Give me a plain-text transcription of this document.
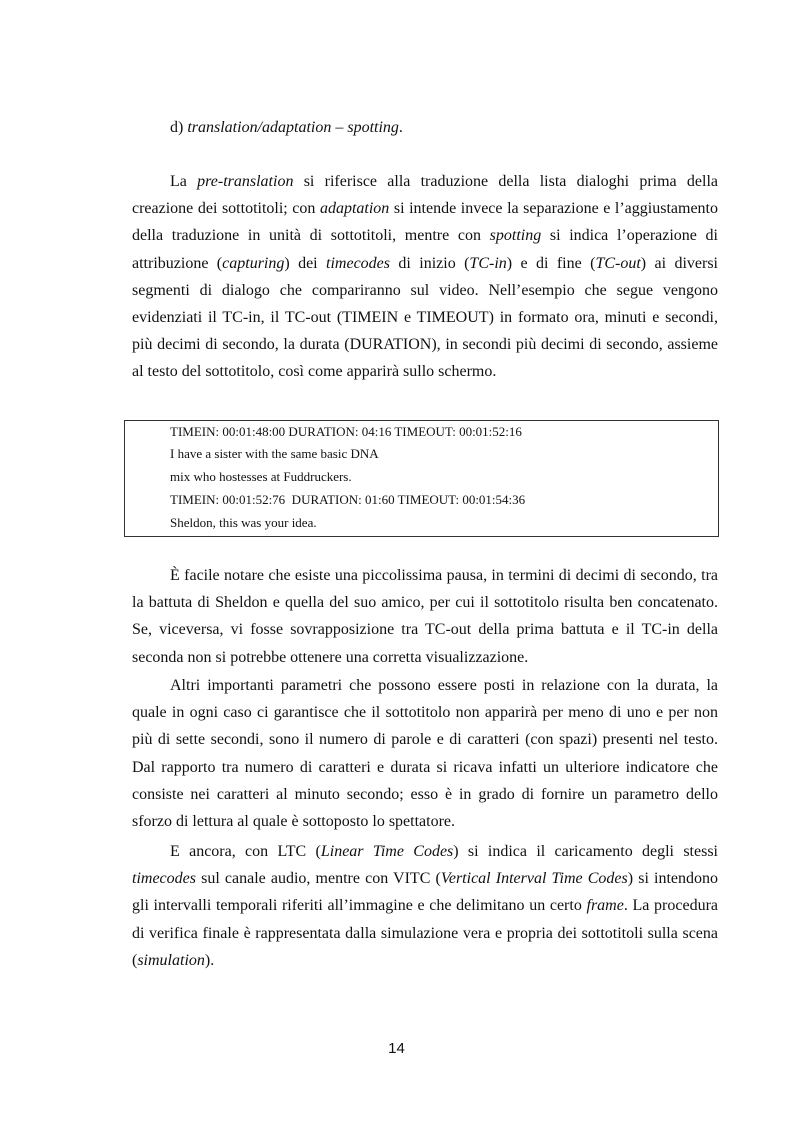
d) translation/adaptation – spotting.

La pre-translation si riferisce alla traduzione della lista dialoghi prima della creazione dei sottotitoli; con adaptation si intende invece la separazione e l’aggiustamento della traduzione in unità di sottotitoli, mentre con spotting si indica l’operazione di attribuzione (capturing) dei timecodes di inizio (TC-in) e di fine (TC-out) ai diversi segmenti di dialogo che compariranno sul video. Nell’esempio che segue vengono evidenziati il TC-in, il TC-out (TIMEIN e TIMEOUT) in formato ora, minuti e secondi, più decimi di secondo, la durata (DURATION), in secondi più decimi di secondo, assieme al testo del sottotitolo, così come apparirà sullo schermo.

TIMEIN: 00:01:48:00 DURATION: 04:16 TIMEOUT: 00:01:52:16

I have a sister with the same basic DNA

mix who hostesses at Fuddruckers.

TIMEIN: 00:01:52:76  DURATION: 01:60 TIMEOUT: 00:01:54:36

Sheldon, this was your idea.

È facile notare che esiste una piccolissima pausa, in termini di decimi di secondo, tra la battuta di Sheldon e quella del suo amico, per cui il sottotitolo risulta ben concatenato. Se, viceversa, vi fosse sovrapposizione tra TC-out della prima battuta e il TC-in della seconda non si potrebbe ottenere una corretta visualizzazione.

Altri importanti parametri che possono essere posti in relazione con la durata, la quale in ogni caso ci garantisce che il sottotitolo non apparirà per meno di uno e per non più di sette secondi, sono il numero di parole e di caratteri (con spazi) presenti nel testo. Dal rapporto tra numero di caratteri e durata si ricava infatti un ulteriore indicatore che consiste nei caratteri al minuto secondo; esso è in grado di fornire un parametro dello sforzo di lettura al quale è sottoposto lo spettatore.

E ancora, con LTC (Linear Time Codes) si indica il caricamento degli stessi timecodes sul canale audio, mentre con VITC (Vertical Interval Time Codes) si intendono gli intervalli temporali riferiti all’immagine e che delimitano un certo frame. La procedura di verifica finale è rappresentata dalla simulazione vera e propria dei sottotitoli sulla scena (simulation).

14
